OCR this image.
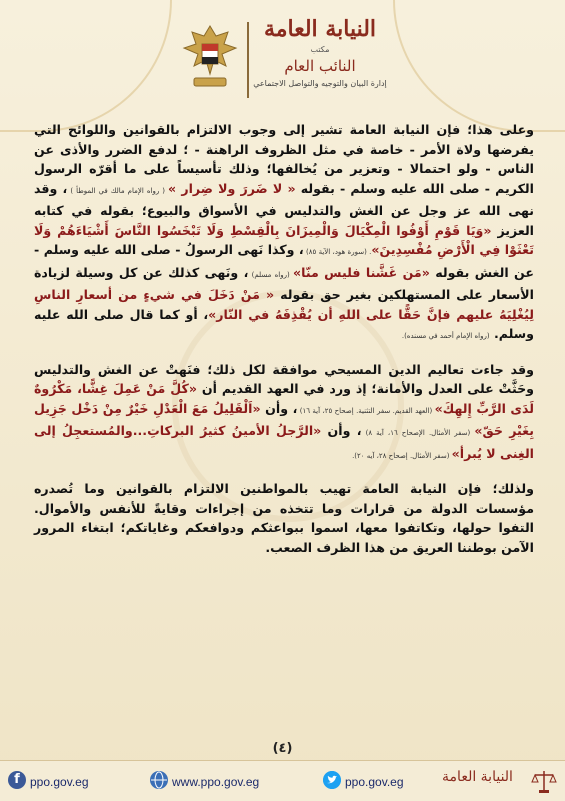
النيابة العامة

مكتب

النائب العام

إدارة البيان والتوجيه والتواصل الاجتماعي

وعلى هذا؛ فإن النيابة العامة تشير إلى وجوب الالتزام بالقوانين واللوائح التي يفرضها ولاة الأمر - خاصة في مثل الظروف الراهنة - ؛ لدفع الضرر والأذى عن الناس - ولو احتمالا - وتعزير من يُخالفها؛ وذلك تأسيساً على ما أقرّه الرسول الكريم - صلى الله عليه وسلم - بقوله « لا ضَررَ ولا ضِرار » ( رواه الإمام مالك في الموطأ ) ، وقد نهى الله عز وجل عن الغش والتدليس في الأسواق والبيوع؛ بقوله في كتابه العزيز «وَيَا قَوْمِ أَوْفُوا الْمِكْيَالَ وَالْمِيزَانَ بِالْقِسْطِ وَلَا تَبْخَسُوا النَّاسَ أَشْيَاءَهُمْ وَلَا تَعْثَوْا فِي الْأَرْضِ مُفْسِدِينَ». (سورة هود، الآية ٨٥) ، وكذا نَهى الرسولُ - صلى الله عليه وسلم - عن الغش بقوله «مَن غَشَّنا فليس منّا» (رواه مسلم) ، ونَهى كذلك عن كل وسيلة لزيادة الأسعار على المستهلكين بغير حق بقوله « مَنْ دَخَلَ في شيءٍ من أسعارِ الناسِ لِيُغْلِيَهُ عليهم فإنَّ حَقًّا على اللهِ أن يُقْذِفَهُ في النّار»، أو كما قال صلى الله عليه وسلم. (رواه الإمام أحمد في مسنده).

وقد جاءت تعاليم الدين المسيحي موافقة لكل ذلك؛ فنَهتْ عن الغش والتدليس وحَثَّتْ على العدل والأمانة؛ إذ ورد في العهد القديم أن «كُلَّ مَنْ عَمِلَ غِشًّا، مَكْرُوهٌ لَدَى الرَّبِّ إِلهِكَ» (العهد القديم. سفر التثنية. إصحاح ٢٥، آية ١٦) ، وأن «اَلْقَلِيلُ مَعَ الْعَدْلِ خَيْرٌ مِنْ دَخْل جَزِيل بِغَيْرِ حَقّ» (سفر الأمثال. الإصحاح ١٦، آية ٨) ، وأن «الرَّجلُ الأمينُ كثيرُ البركاتِ...والمُستعجِلُ إلى الغِنى لا يُبرأ» (سفر الأمثال. إصحاح ٢٨، آيه ٢٠).

ولذلك؛ فإن النيابة العامة تهيب بالمواطنين الالتزام بالقوانين وما تُصدره مؤسسات الدولة من قرارات وما تتخذه من إجراءات وقايةً للأنفس والأموال. التفوا حولها، وتكاتفوا معها، اسموا ببواعثكم ودوافعكم وغاياتكم؛ ابتغاء المرور الآمن بوطننا العريق من هذا الظرف الصعب.

(٤)
f ppo.gov.eg	www.ppo.gov.eg	ppo.gov.eg	النيابة العامة
